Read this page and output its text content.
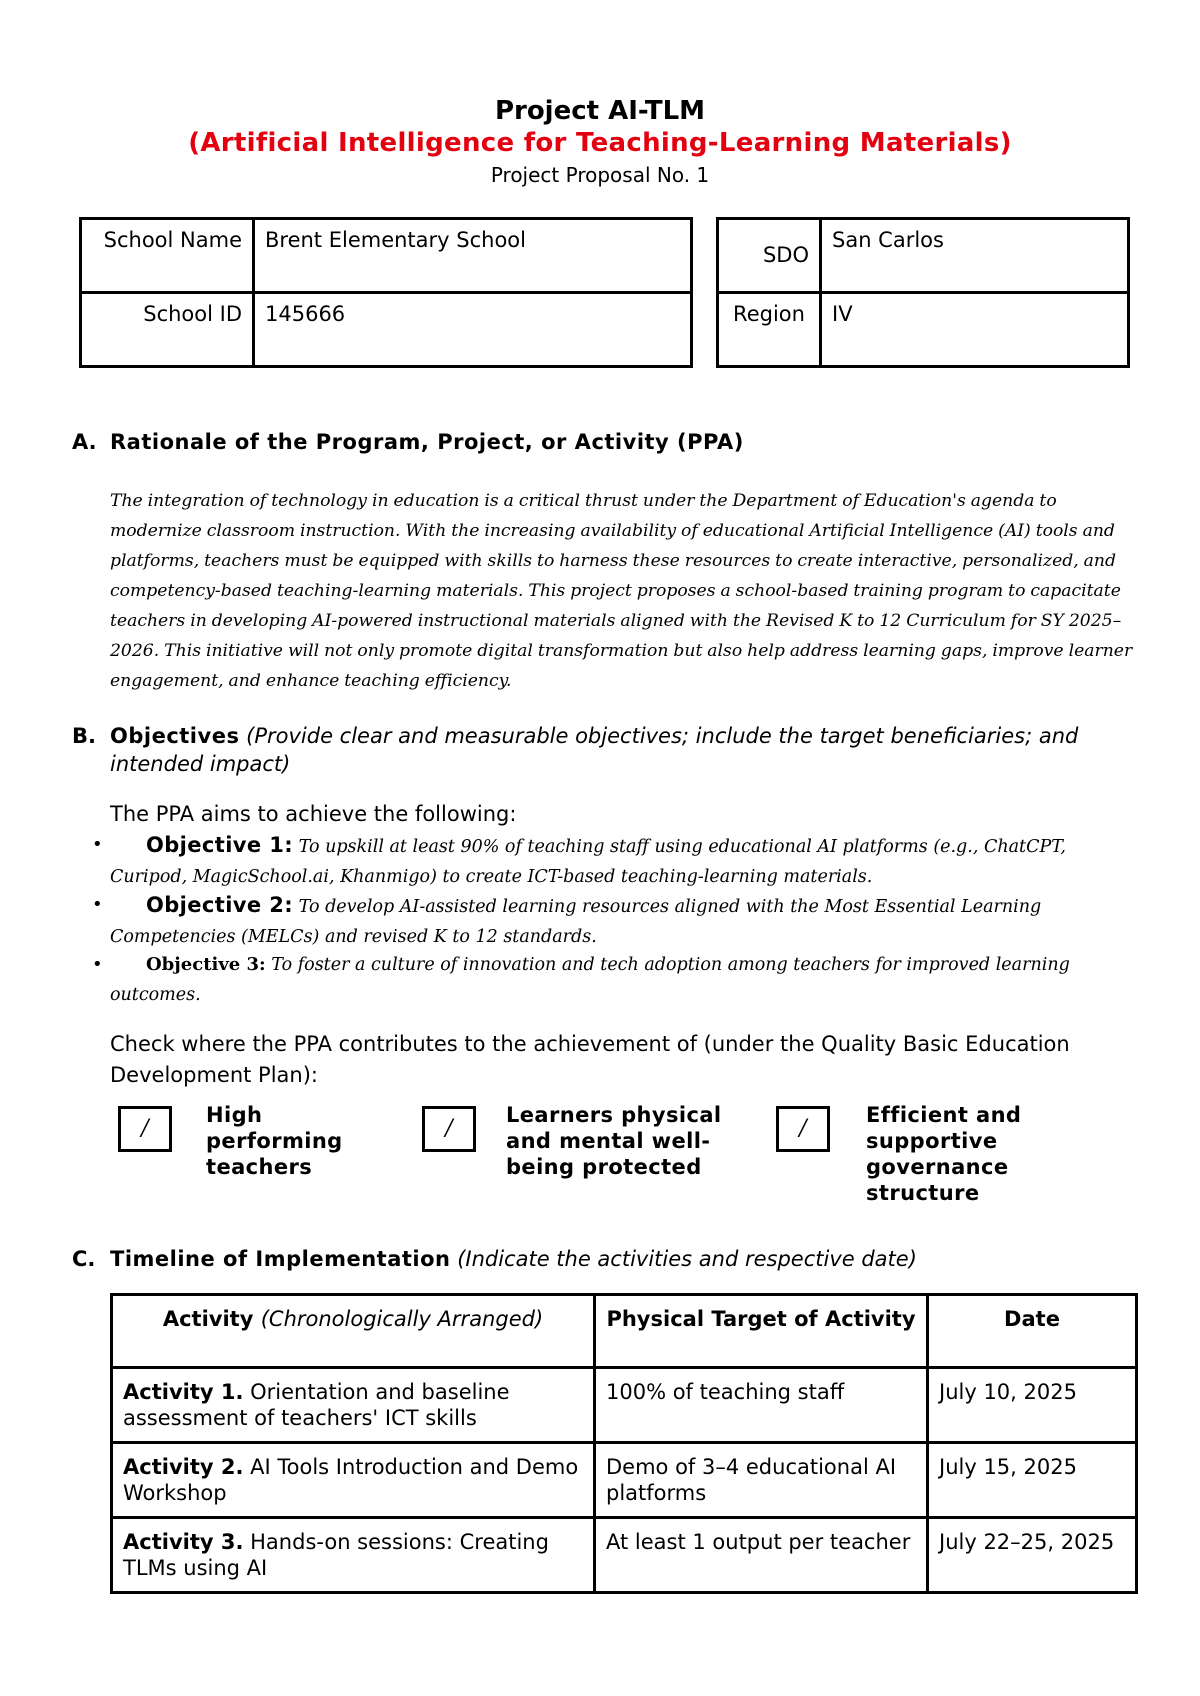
Project AI-TLM
(Artificial Intelligence for Teaching-Learning Materials)
Project Proposal No. 1
School Name	Brent Elementary School
School ID	145666
SDO	San Carlos
Region	IV
A. Rationale of the Program, Project, or Activity (PPA)
The integration of technology in education is a critical thrust under the Department of Education's agenda to modernize classroom instruction. With the increasing availability of educational Artificial Intelligence (AI) tools and platforms, teachers must be equipped with skills to harness these resources to create interactive, personalized, and competency-based teaching-learning materials. This project proposes a school-based training program to capacitate teachers in developing AI-powered instructional materials aligned with the Revised K to 12 Curriculum for SY 2025–2026. This initiative will not only promote digital transformation but also help address learning gaps, improve learner engagement, and enhance teaching efficiency.
B. Objectives (Provide clear and measurable objectives; include the target beneficiaries; and intended impact)
The PPA aims to achieve the following:
•	Objective 1: To upskill at least 90% of teaching staff using educational AI platforms (e.g., ChatCPT,
Curipod, MagicSchool.ai, Khanmigo) to create ICT-based teaching-learning materials.
•	Objective 2: To develop AI-assisted learning resources aligned with the Most Essential Learning
Competencies (MELCs) and revised K to 12 standards.
•	Objective 3: To foster a culture of innovation and tech adoption among teachers for improved learning
outcomes.
Check where the PPA contributes to the achievement of (under the Quality Basic Education Development Plan):
/
High performing teachers
/
Learners physical and mental well-being protected
/
Efficient and supportive governance structure
C. Timeline of Implementation (Indicate the activities and respective date)
Activity (Chronologically Arranged)	Physical Target of Activity	Date
Activity 1. Orientation and baseline assessment of teachers' ICT skills	100% of teaching staff	July 10, 2025
Activity 2. AI Tools Introduction and Demo Workshop	Demo of 3–4 educational AI platforms	July 15, 2025
Activity 3. Hands-on sessions: Creating TLMs using AI	At least 1 output per teacher	July 22–25, 2025
